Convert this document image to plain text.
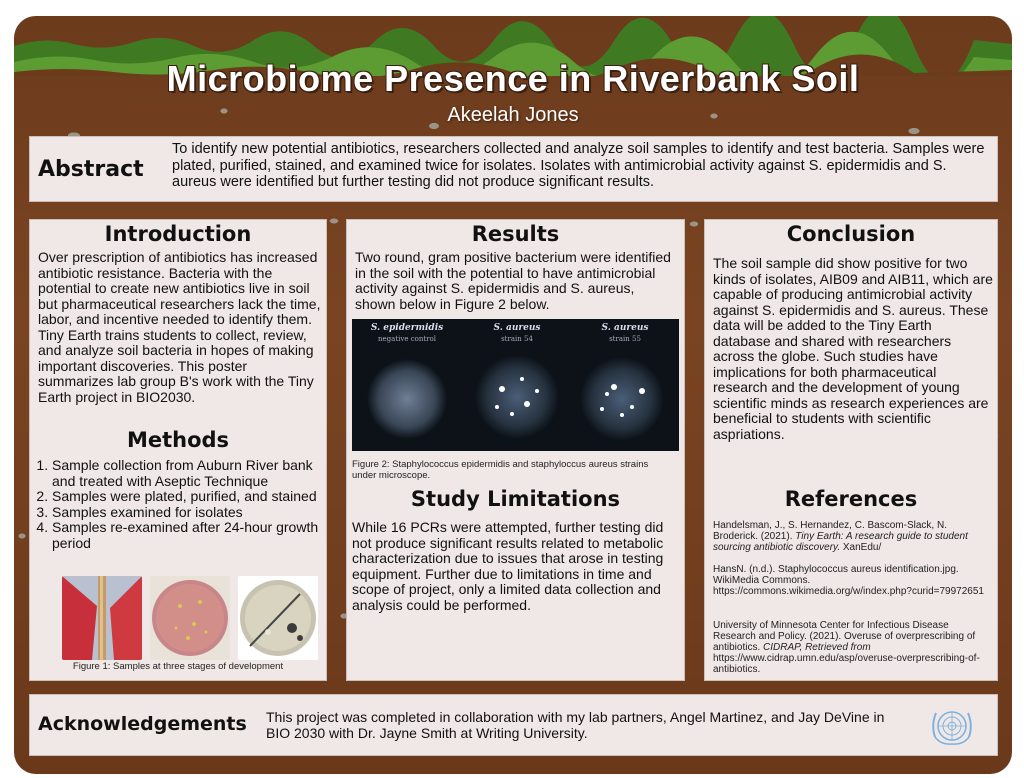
Microbiome Presence in Riverbank Soil
Akeelah Jones
Abstract
To identify new potential antibiotics, researchers collected and analyze soil samples to identify and test bacteria. Samples were plated, purified, stained, and examined twice for isolates. Isolates with antimicrobial activity against S. epidermidis and S. aureus were identified but further testing did not produce significant results.
Introduction
Over prescription of antibiotics has increased antibiotic resistance. Bacteria with the potential to create new antibiotics live in soil but pharmaceutical researchers lack the time, labor, and incentive needed to identify them. Tiny Earth trains students to collect, review, and analyze soil bacteria in hopes of making important discoveries. This poster summarizes lab group B's work with the Tiny Earth project in BIO2030.
Methods
1. Sample collection from Auburn River bank and treated with Aseptic Technique
2. Samples were plated, purified, and stained
3. Samples examined for isolates
4. Samples re-examined after 24-hour growth period
Figure 1: Samples at three stages of development
Results
Two round, gram positive bacterium were identified in the soil with the potential to have antimicrobial activity against S. epidermidis and S. aureus, shown below in Figure 2 below.
S. epidermidis
negative control
S. aureus
strain 54
S. aureus
strain 55
Figure 2: Staphylococcus epidermidis and staphyloccus aureus strains under microscope.
Study Limitations
While 16 PCRs were attempted, further testing did not produce significant results related to metabolic characterization due to issues that arose in testing equipment. Further due to limitations in time and scope of project, only a limited data collection and analysis could be performed.
Conclusion
The soil sample did show positive for two kinds of isolates, AIB09 and AIB11, which are capable of producing antimicrobial activity against S. epidermidis and S. aureus. These data will be added to the Tiny Earth database and shared with researchers across the globe. Such studies have implications for both pharmaceutical research and the development of young scientific minds as research experiences are beneficial to students with scientific aspriations.
References
Handelsman, J., S. Hernandez, C. Bascom-Slack, N. Broderick. (2021). Tiny Earth: A research guide to student sourcing antibiotic discovery. XanEdu/
HansN. (n.d.). Staphylococcus aureus identification.jpg. WikiMedia Commons. https://commons.wikimedia.org/w/index.php?curid=79972651
University of Minnesota Center for Infectious Disease Research and Policy. (2021). Overuse of overprescribing of antibiotics. CIDRAP, Retrieved from https://www.cidrap.umn.edu/asp/overuse-overprescribing-of-antibiotics.
Acknowledgements This project was completed in collaboration with my lab partners, Angel Martinez, and Jay DeVine in BIO 2030 with Dr. Jayne Smith at Writing University.
